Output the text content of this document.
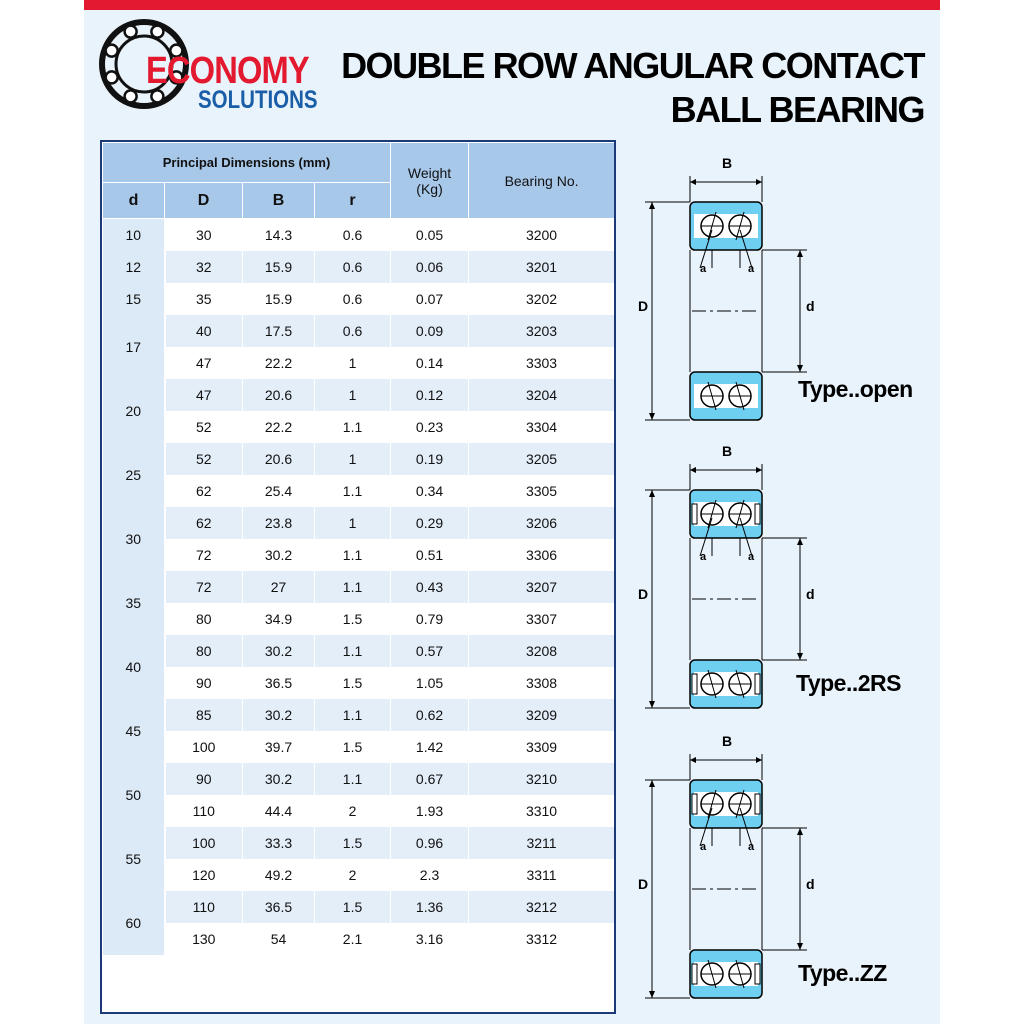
ECONOMY
SOLUTIONS
DOUBLE ROW ANGULAR CONTACT
BALL BEARING
Principal Dimensions (mm)				Weight
(Kg)	Bearing No.
d	D	B	r		
10	30	14.3	0.6	0.05	3200
12	32	15.9	0.6	0.06	3201
15	35	15.9	0.6	0.07	3202
17	40	17.5	0.6	0.09	3203
	47	22.2	1	0.14	3303
20	47	20.6	1	0.12	3204
	52	22.2	1.1	0.23	3304
25	52	20.6	1	0.19	3205
	62	25.4	1.1	0.34	3305
30	62	23.8	1	0.29	3206
	72	30.2	1.1	0.51	3306
35	72	27	1.1	0.43	3207
	80	34.9	1.5	0.79	3307
40	80	30.2	1.1	0.57	3208
	90	36.5	1.5	1.05	3308
45	85	30.2	1.1	0.62	3209
	100	39.7	1.5	1.42	3309
50	90	30.2	1.1	0.67	3210
	110	44.4	2	1.93	3310
55	100	33.3	1.5	0.96	3211
	120	49.2	2	2.3	3311
60	110	36.5	1.5	1.36	3212
	130	54	2.1	3.16	3312
B
D	d
a	a
Type..open
B
D	d
a	a
Type..2RS
B
D	d
a	a
Type..ZZ
